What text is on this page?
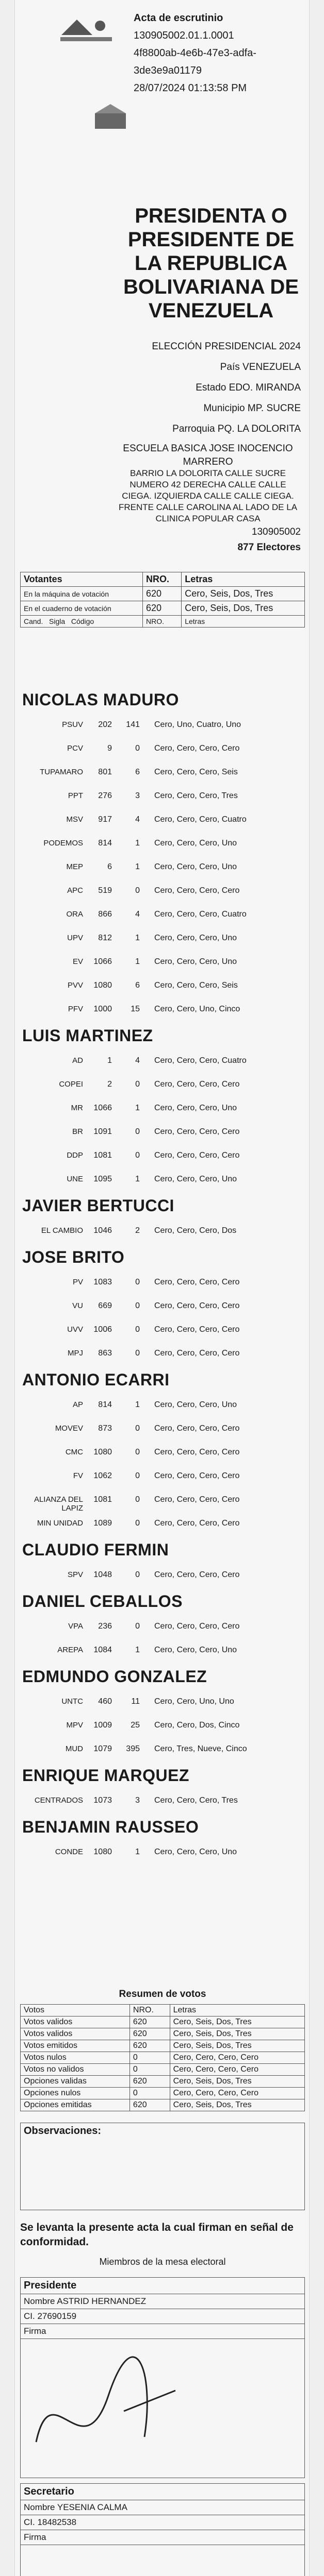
Acta de escrutinio
130905002.01.1.0001
4f8800ab-4e6b-47e3-adfa-
3de3e9a01179
28/07/2024 01:13:58 PM
PRESIDENTA O PRESIDENTE DE LA REPUBLICA BOLIVARIANA DE VENEZUELA
ELECCIÓN PRESIDENCIAL 2024
País VENEZUELA
Estado EDO. MIRANDA
Municipio MP. SUCRE
Parroquia PQ. LA DOLORITA
ESCUELA BASICA JOSE INOCENCIO MARRERO
BARRIO LA DOLORITA CALLE SUCRE NUMERO 42 DERECHA CALLE CALLE CIEGA. IZQUIERDA CALLE CALLE CIEGA. FRENTE CALLE CAROLINA AL LADO DE LA CLINICA POPULAR CASA
130905002
877 Electores
Votantes	NRO.	Letras
En la máquina de votación	620	Cero, Seis, Dos, Tres
En el cuaderno de votación	620	Cero, Seis, Dos, Tres
Cand. Sigla Código	NRO.	Letras
NICOLAS MADURO
PSUV	202	141 Cero, Uno, Cuatro, Uno
PCV	9	0 Cero, Cero, Cero, Cero
TUPAMARO	801	6 Cero, Cero, Cero, Seis
PPT	276	3 Cero, Cero, Cero, Tres
MSV	917	4 Cero, Cero, Cero, Cuatro
PODEMOS	814	1 Cero, Cero, Cero, Uno
MEP	6	1 Cero, Cero, Cero, Uno
APC	519	0 Cero, Cero, Cero, Cero
ORA	866	4 Cero, Cero, Cero, Cuatro
UPV	812	1 Cero, Cero, Cero, Uno
EV 1066	1 Cero, Cero, Cero, Uno
PVV 1080	6 Cero, Cero, Cero, Seis
PFV 1000	15 Cero, Cero, Uno, Cinco
LUIS MARTINEZ
AD	1	4 Cero, Cero, Cero, Cuatro
COPEI	2	0 Cero, Cero, Cero, Cero
MR 1066	1 Cero, Cero, Cero, Uno
BR 1091	0 Cero, Cero, Cero, Cero
DDP 1081	0 Cero, Cero, Cero, Cero
UNE 1095	1 Cero, Cero, Cero, Uno
JAVIER BERTUCCI
EL CAMBIO 1046	2 Cero, Cero, Cero, Dos
JOSE BRITO
PV 1083	0 Cero, Cero, Cero, Cero
VU	669	0 Cero, Cero, Cero, Cero
UVV 1006	0 Cero, Cero, Cero, Cero
MPJ	863	0 Cero, Cero, Cero, Cero
ANTONIO ECARRI
AP	814	1 Cero, Cero, Cero, Uno
MOVEV	873	0 Cero, Cero, Cero, Cero
CMC 1080	0 Cero, Cero, Cero, Cero
FV 1062	0 Cero, Cero, Cero, Cero
ALIANZA DEL LAPIZ
1081	0 Cero, Cero, Cero, Cero
MIN UNIDAD 1089	0 Cero, Cero, Cero, Cero
CLAUDIO FERMIN
SPV 1048	0 Cero, Cero, Cero, Cero
DANIEL CEBALLOS
VPA	236	0 Cero, Cero, Cero, Cero
AREPA 1084	1 Cero, Cero, Cero, Uno
EDMUNDO GONZALEZ
UNTC	460	11 Cero, Cero, Uno, Uno
MPV 1009	25 Cero, Cero, Dos, Cinco
MUD 1079	395 Cero, Tres, Nueve, Cinco
ENRIQUE MARQUEZ
CENTRADOS 1073	3 Cero, Cero, Cero, Tres
BENJAMIN RAUSSEO
CONDE 1080	1 Cero, Cero, Cero, Uno
Resumen de votos
Votos	NRO.	Letras
Votos validos	620	Cero, Seis, Dos, Tres
Votos validos	620	Cero, Seis, Dos, Tres
Votos emitidos	620	Cero, Seis, Dos, Tres
Votos nulos	0	Cero, Cero, Cero, Cero
Votos no validos	0	Cero, Cero, Cero, Cero
Opciones validas	620	Cero, Seis, Dos, Tres
Opciones nulos	0	Cero, Cero, Cero, Cero
Opciones emitidas	620	Cero, Seis, Dos, Tres
Observaciones:
Se levanta la presente acta la cual firman en señal de conformidad.
Miembros de la mesa electoral
Presidente
Nombre ASTRID HERNANDEZ
CI. 27690159
Firma
Secretario
Nombre YESENIA CALMA
CI. 18482538
Firma
